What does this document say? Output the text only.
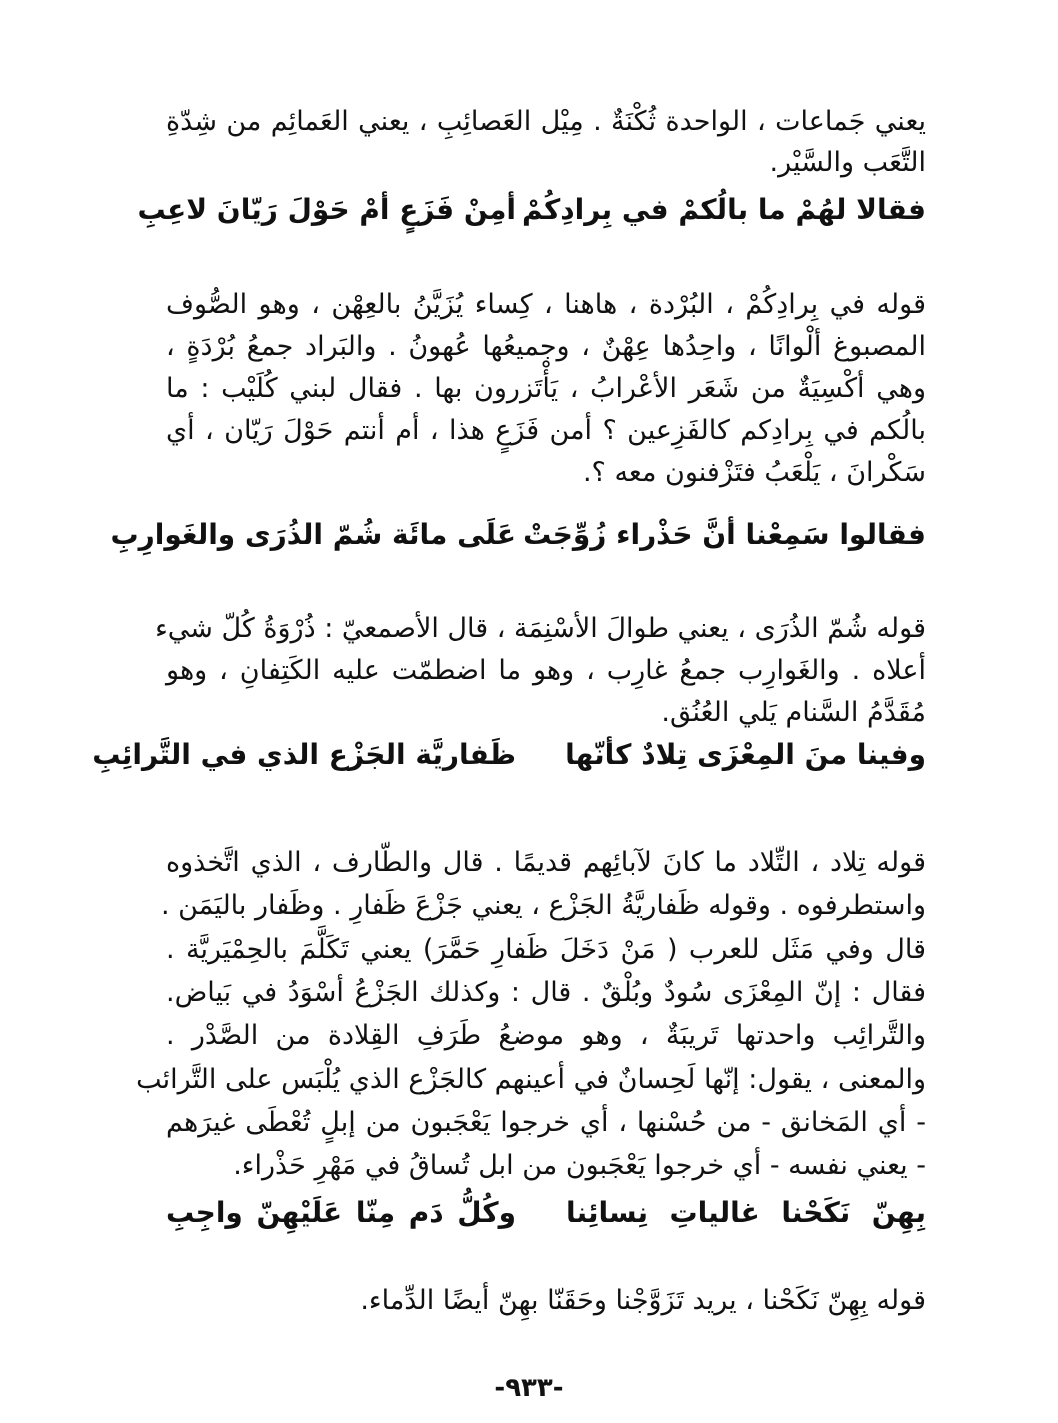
يعني جَماعات ، الواحدة ثُكْنَةٌ . مِيْل العَصائِبِ ، يعني العَمائِم من شِدّةِ
التَّعَب والسَّيْر.
فقالا لهُمْ ما بالُكمْ في بِرادِكُمْ
أمِنْ فَزَعٍ أمْ حَوْلَ رَيّانَ لاعِبِ
قوله في بِرادِكُمْ ، البُرْدة ، هاهنا ، كِساء يُزَيَّنُ بالعِهْن ، وهو الصُّوف
المصبوغ ألْوانًا ، واحِدُها عِهْنٌ ، وجميعُها عُهونُ . والبَراد جمعُ بُرْدَةٍ ،
وهي أكْسِيَةٌ من شَعَر الأعْرابُ ، يَأْتَزرون بها . فقال لبني كُلَيْب : ما
بالُكم في بِرادِكم كالفَزِعين ؟ أمن فَزَعٍ هذا ، أم أنتم حَوْلَ رَيّان ، أي
سَكْرانَ ، يَلْعَبُ فتَزْفنون معه ؟.
فقالوا سَمِعْنا أنَّ حَذْراء زُوِّجَتْ
عَلَى مائَة شُمّ الذُرَى والغَوارِبِ
قوله شُمّ الذُرَى ، يعني طوالَ الأسْنِمَة ، قال الأصمعيّ : ذُرْوَةُ كُلّ شيء
أعلاه . والغَوارِب جمعُ غارِب ، وهو ما اضطمّت عليه الكَتِفانِ ، وهو
مُقَدَّمُ السَّنام يَلي العُنُق.
وفينا منَ المِعْزَى تِلادٌ كأنّها
ظَفاريَّة الجَزْع الذي في التَّرائِبِ
قوله تِلاد ، التِّلاد ما كانَ لآبائِهم قديمًا . قال والطّارف ، الذي اتَّخذوه
واستطرفوه . وقوله ظَفاريَّةُ الجَزْع ، يعني جَزْعَ ظَفارِ . وظَفار باليَمَن .
قال وفي مَثَل للعرب ( مَنْ دَخَلَ ظَفارِ حَمَّرَ) يعني تَكَلَّمَ بالحِمْيَريَّة .
فقال : إنّ المِعْزَى سُودٌ وبُلْقٌ . قال : وكذلك الجَزْعُ أسْوَدُ في بَياض.
والتَّرائِب واحدتها تَريبَةٌ ، وهو موضعُ طَرَفِ القِلادة من الصَّدْر .
والمعنى ، يقول: إنّها لَحِسانٌ في أعينهم كالجَزْع الذي يُلْبَس على التَّرائب
- أي المَخانق - من حُسْنها ، أي خرجوا يَعْجَبون من إبلٍ تُعْطَى غيرَهم
- يعني نفسه - أي خرجوا يَعْجَبون من ابل تُساقُ في مَهْرِ حَذْراء.
بِهِنّ نَكَحْنا غالياتِ نِسائِنا
وكُلُّ دَم مِنّا عَلَيْهِنّ واجِبِ
قوله بِهِنّ نَكَحْنا ، يريد تَزَوَّجْنا وحَقَنّا بهِنّ أيضًا الدِّماء.
-٩٣٣-
